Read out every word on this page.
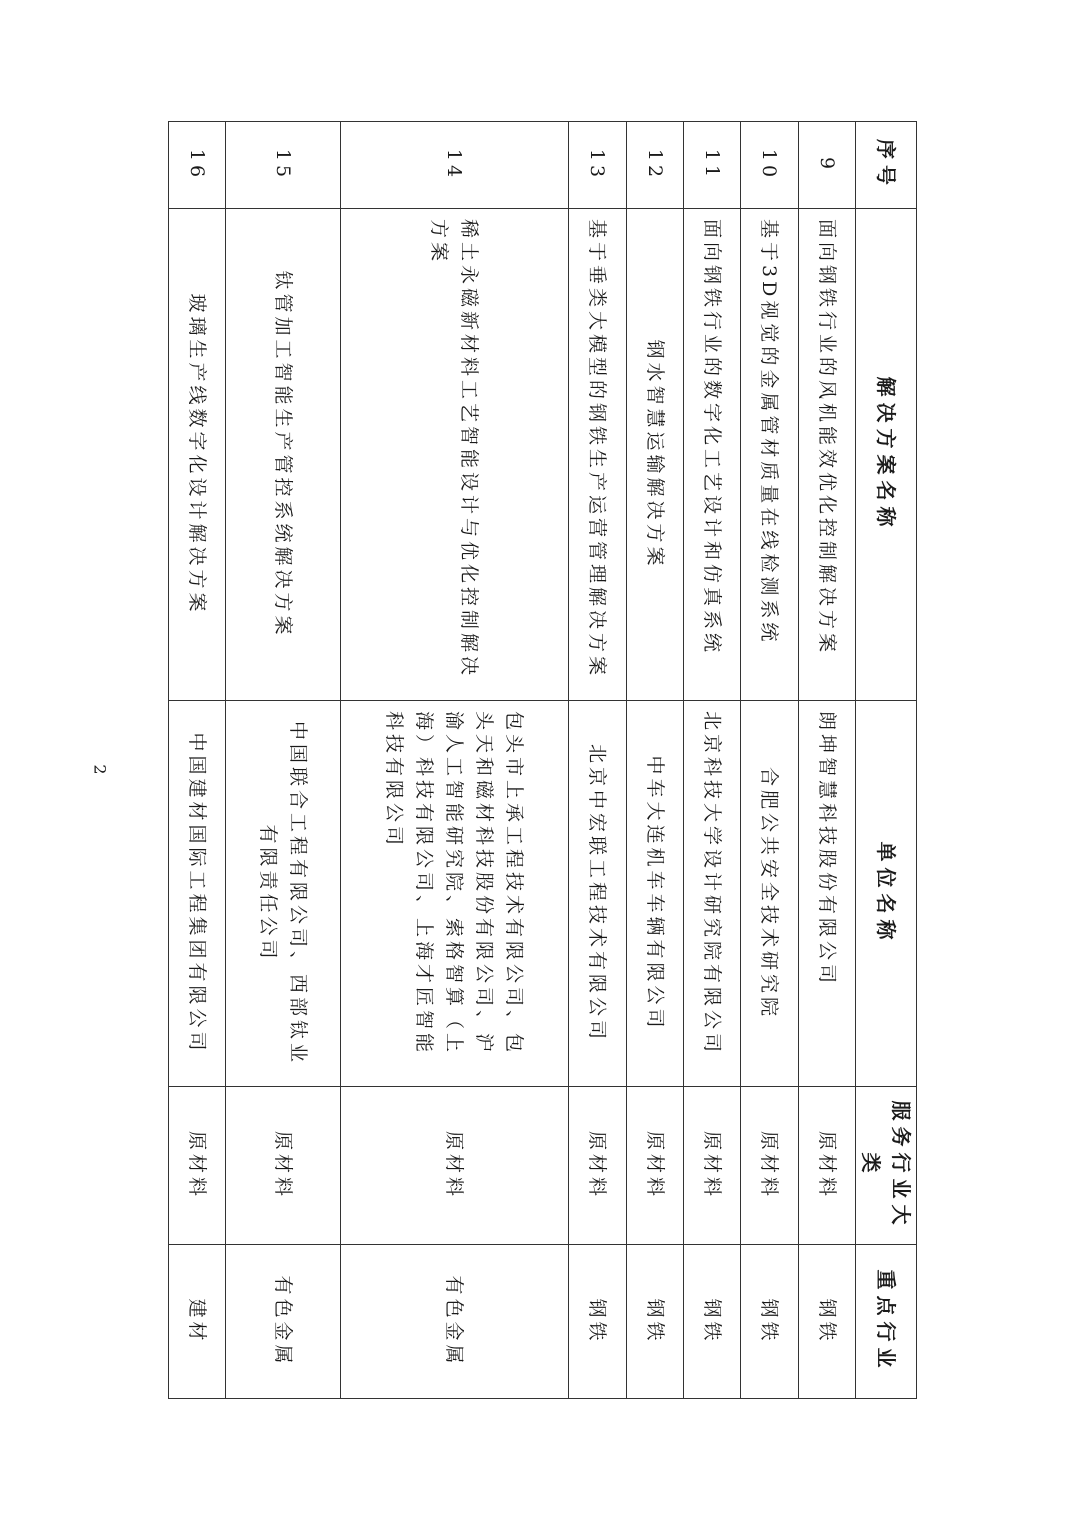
序号	解决方案名称	单位名称	服务行业大类	重点行业
9	面向钢铁行业的风机能效优化控制解决方案	朗坤智慧科技股份有限公司	原材料	钢铁
10	基于3D视觉的金属管材质量在线检测系统	合肥公共安全技术研究院	原材料	钢铁
11	面向钢铁行业的数字化工艺设计和仿真系统	北京科技大学设计研究院有限公司	原材料	钢铁
12	钢水智慧运输解决方案	中车大连机车车辆有限公司	原材料	钢铁
13	基于垂类大模型的钢铁生产运营管理解决方案	北京中宏联工程技术有限公司	原材料	钢铁
14	稀土永磁新材料工艺智能设计与优化控制解决方案	包头市上承工程技术有限公司、包头天和磁材科技股份有限公司、沪渝人工智能研究院、索格智算（上海）科技有限公司、上海才匠智能科技有限公司	原材料	有色金属
15	钛管加工智能生产管控系统解决方案	中国联合工程有限公司、西部钛业有限责任公司	原材料	有色金属
16	玻璃生产线数字化设计解决方案	中国建材国际工程集团有限公司	原材料	建材
2
